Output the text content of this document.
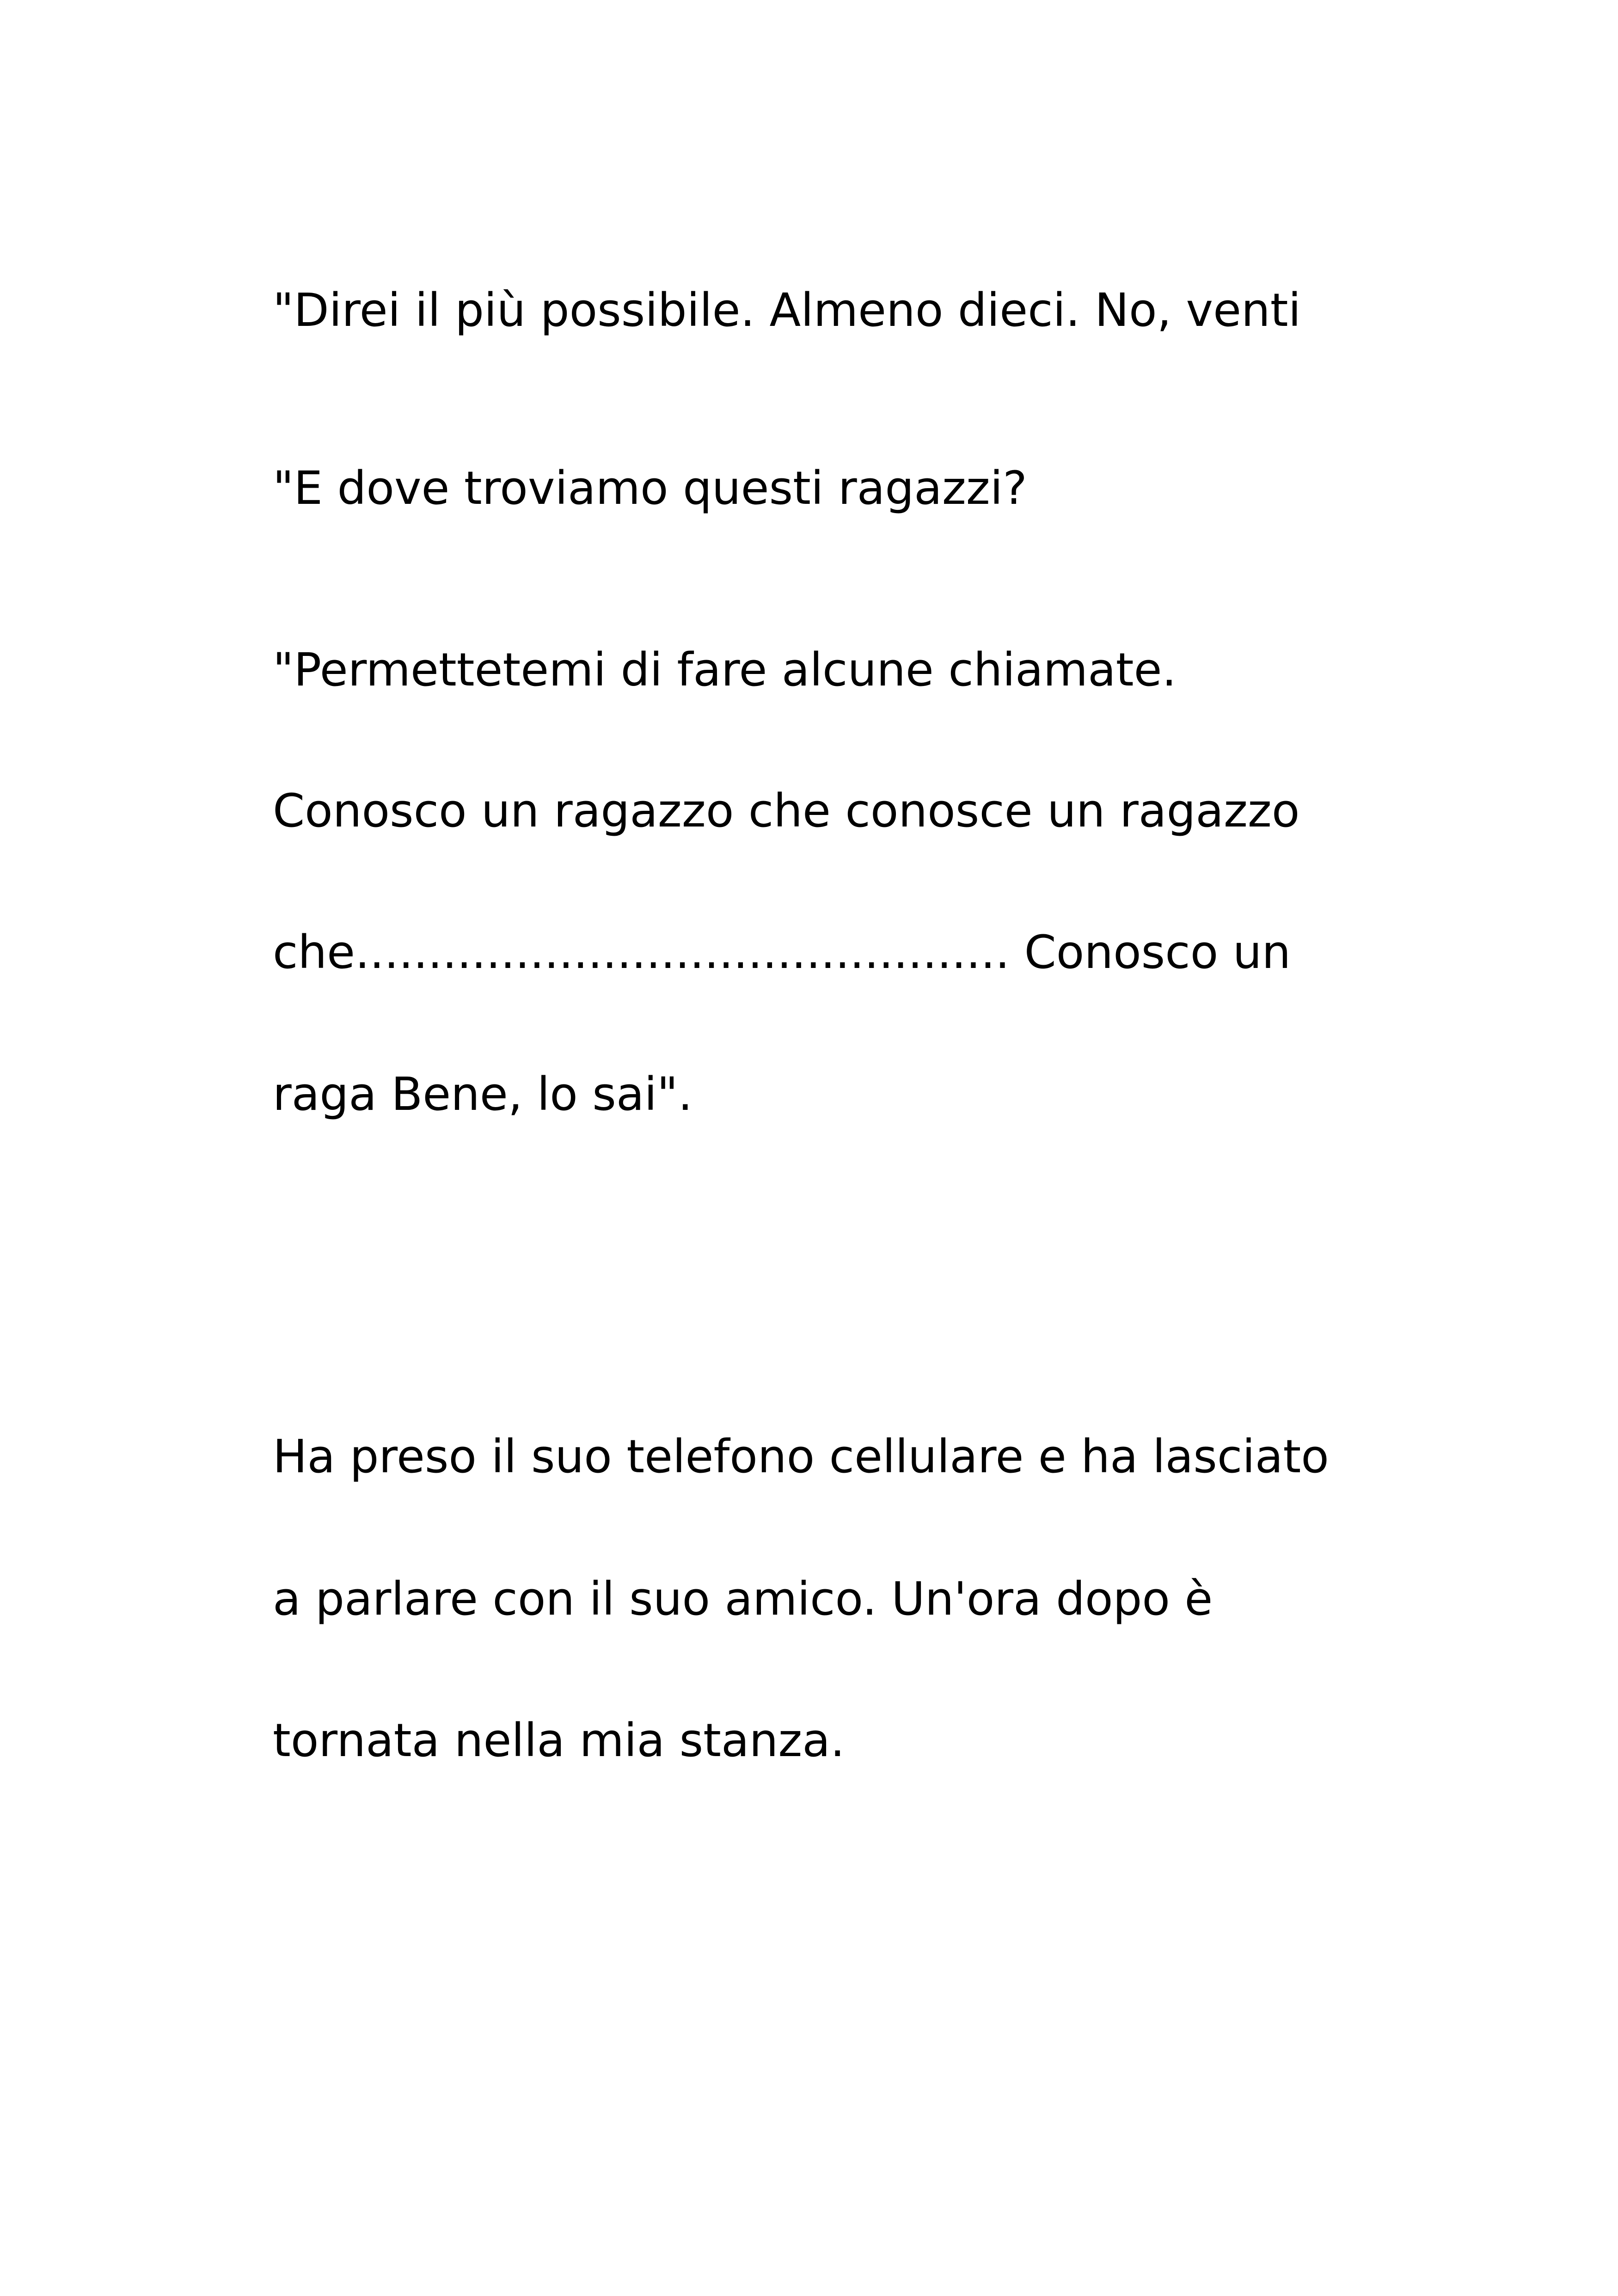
"Direi il più possibile. Almeno dieci. No, venti

"E dove troviamo questi ragazzi?

"Permettetemi di fare alcune chiamate.

Conosco un ragazzo che conosce un ragazzo

che............................................. Conosco un

raga Bene, lo sai".

Ha preso il suo telefono cellulare e ha lasciato

a parlare con il suo amico. Un'ora dopo è

tornata nella mia stanza.
